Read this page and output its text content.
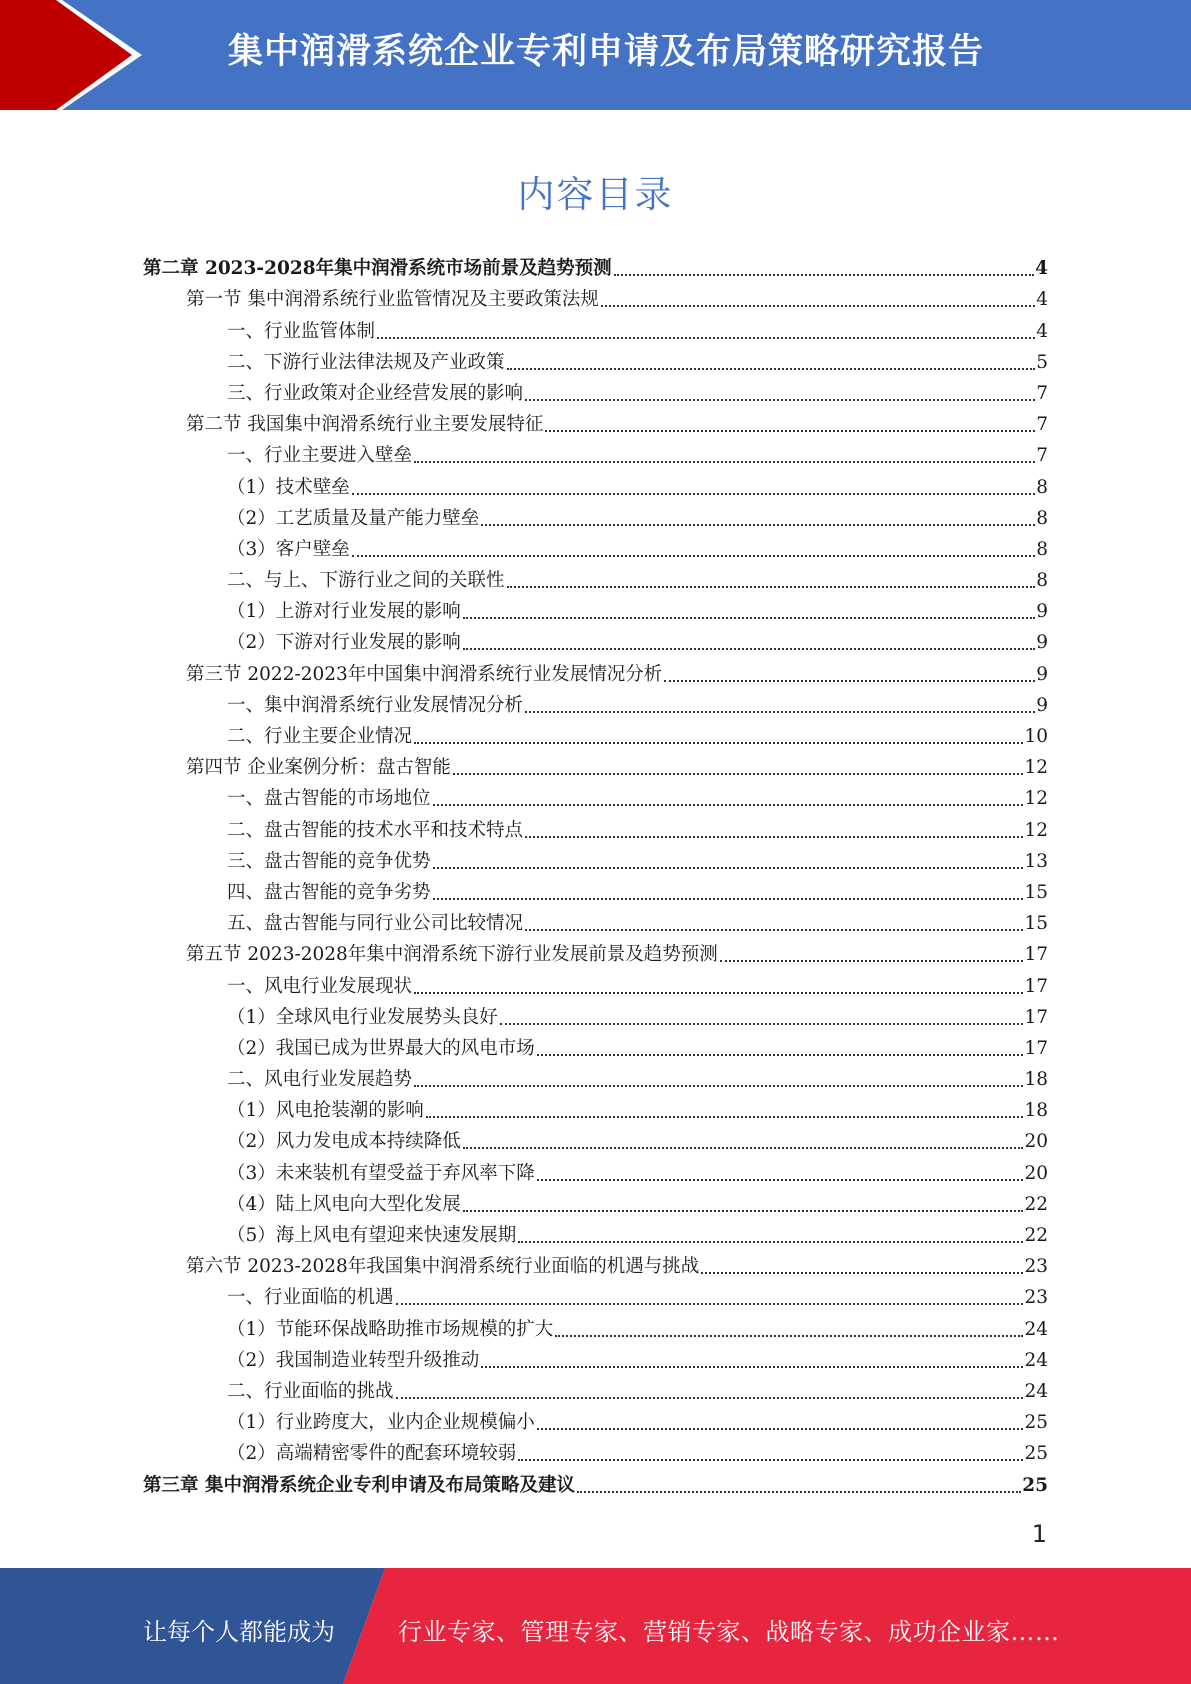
集中润滑系统企业专利申请及布局策略研究报告
内容目录
第二章 2023-2028年集中润滑系统市场前景及趋势预测	4
第一节 集中润滑系统行业监管情况及主要政策法规	4
一、行业监管体制	4
二、下游行业法律法规及产业政策	5
三、行业政策对企业经营发展的影响	7
第二节 我国集中润滑系统行业主要发展特征	7
一、行业主要进入壁垒	7
（1）技术壁垒	8
（2）工艺质量及量产能力壁垒	8
（3）客户壁垒	8
二、与上、下游行业之间的关联性	8
（1）上游对行业发展的影响	9
（2）下游对行业发展的影响	9
第三节 2022-2023年中国集中润滑系统行业发展情况分析	9
一、集中润滑系统行业发展情况分析	9
二、行业主要企业情况	10
第四节 企业案例分析：盘古智能	12
一、盘古智能的市场地位	12
二、盘古智能的技术水平和技术特点	12
三、盘古智能的竞争优势	13
四、盘古智能的竞争劣势	15
五、盘古智能与同行业公司比较情况	15
第五节 2023-2028年集中润滑系统下游行业发展前景及趋势预测	17
一、风电行业发展现状	17
（1）全球风电行业发展势头良好	17
（2）我国已成为世界最大的风电市场	17
二、风电行业发展趋势	18
（1）风电抢装潮的影响	18
（2）风力发电成本持续降低	20
（3）未来装机有望受益于弃风率下降	20
（4）陆上风电向大型化发展	22
（5）海上风电有望迎来快速发展期	22
第六节 2023-2028年我国集中润滑系统行业面临的机遇与挑战	23
一、行业面临的机遇	23
（1）节能环保战略助推市场规模的扩大	24
（2）我国制造业转型升级推动	24
二、行业面临的挑战	24
（1）行业跨度大，业内企业规模偏小	25
（2）高端精密零件的配套环境较弱	25
第三章 集中润滑系统企业专利申请及布局策略及建议	25
1
让每个人都能成为	行业专家、管理专家、营销专家、战略专家、成功企业家……
